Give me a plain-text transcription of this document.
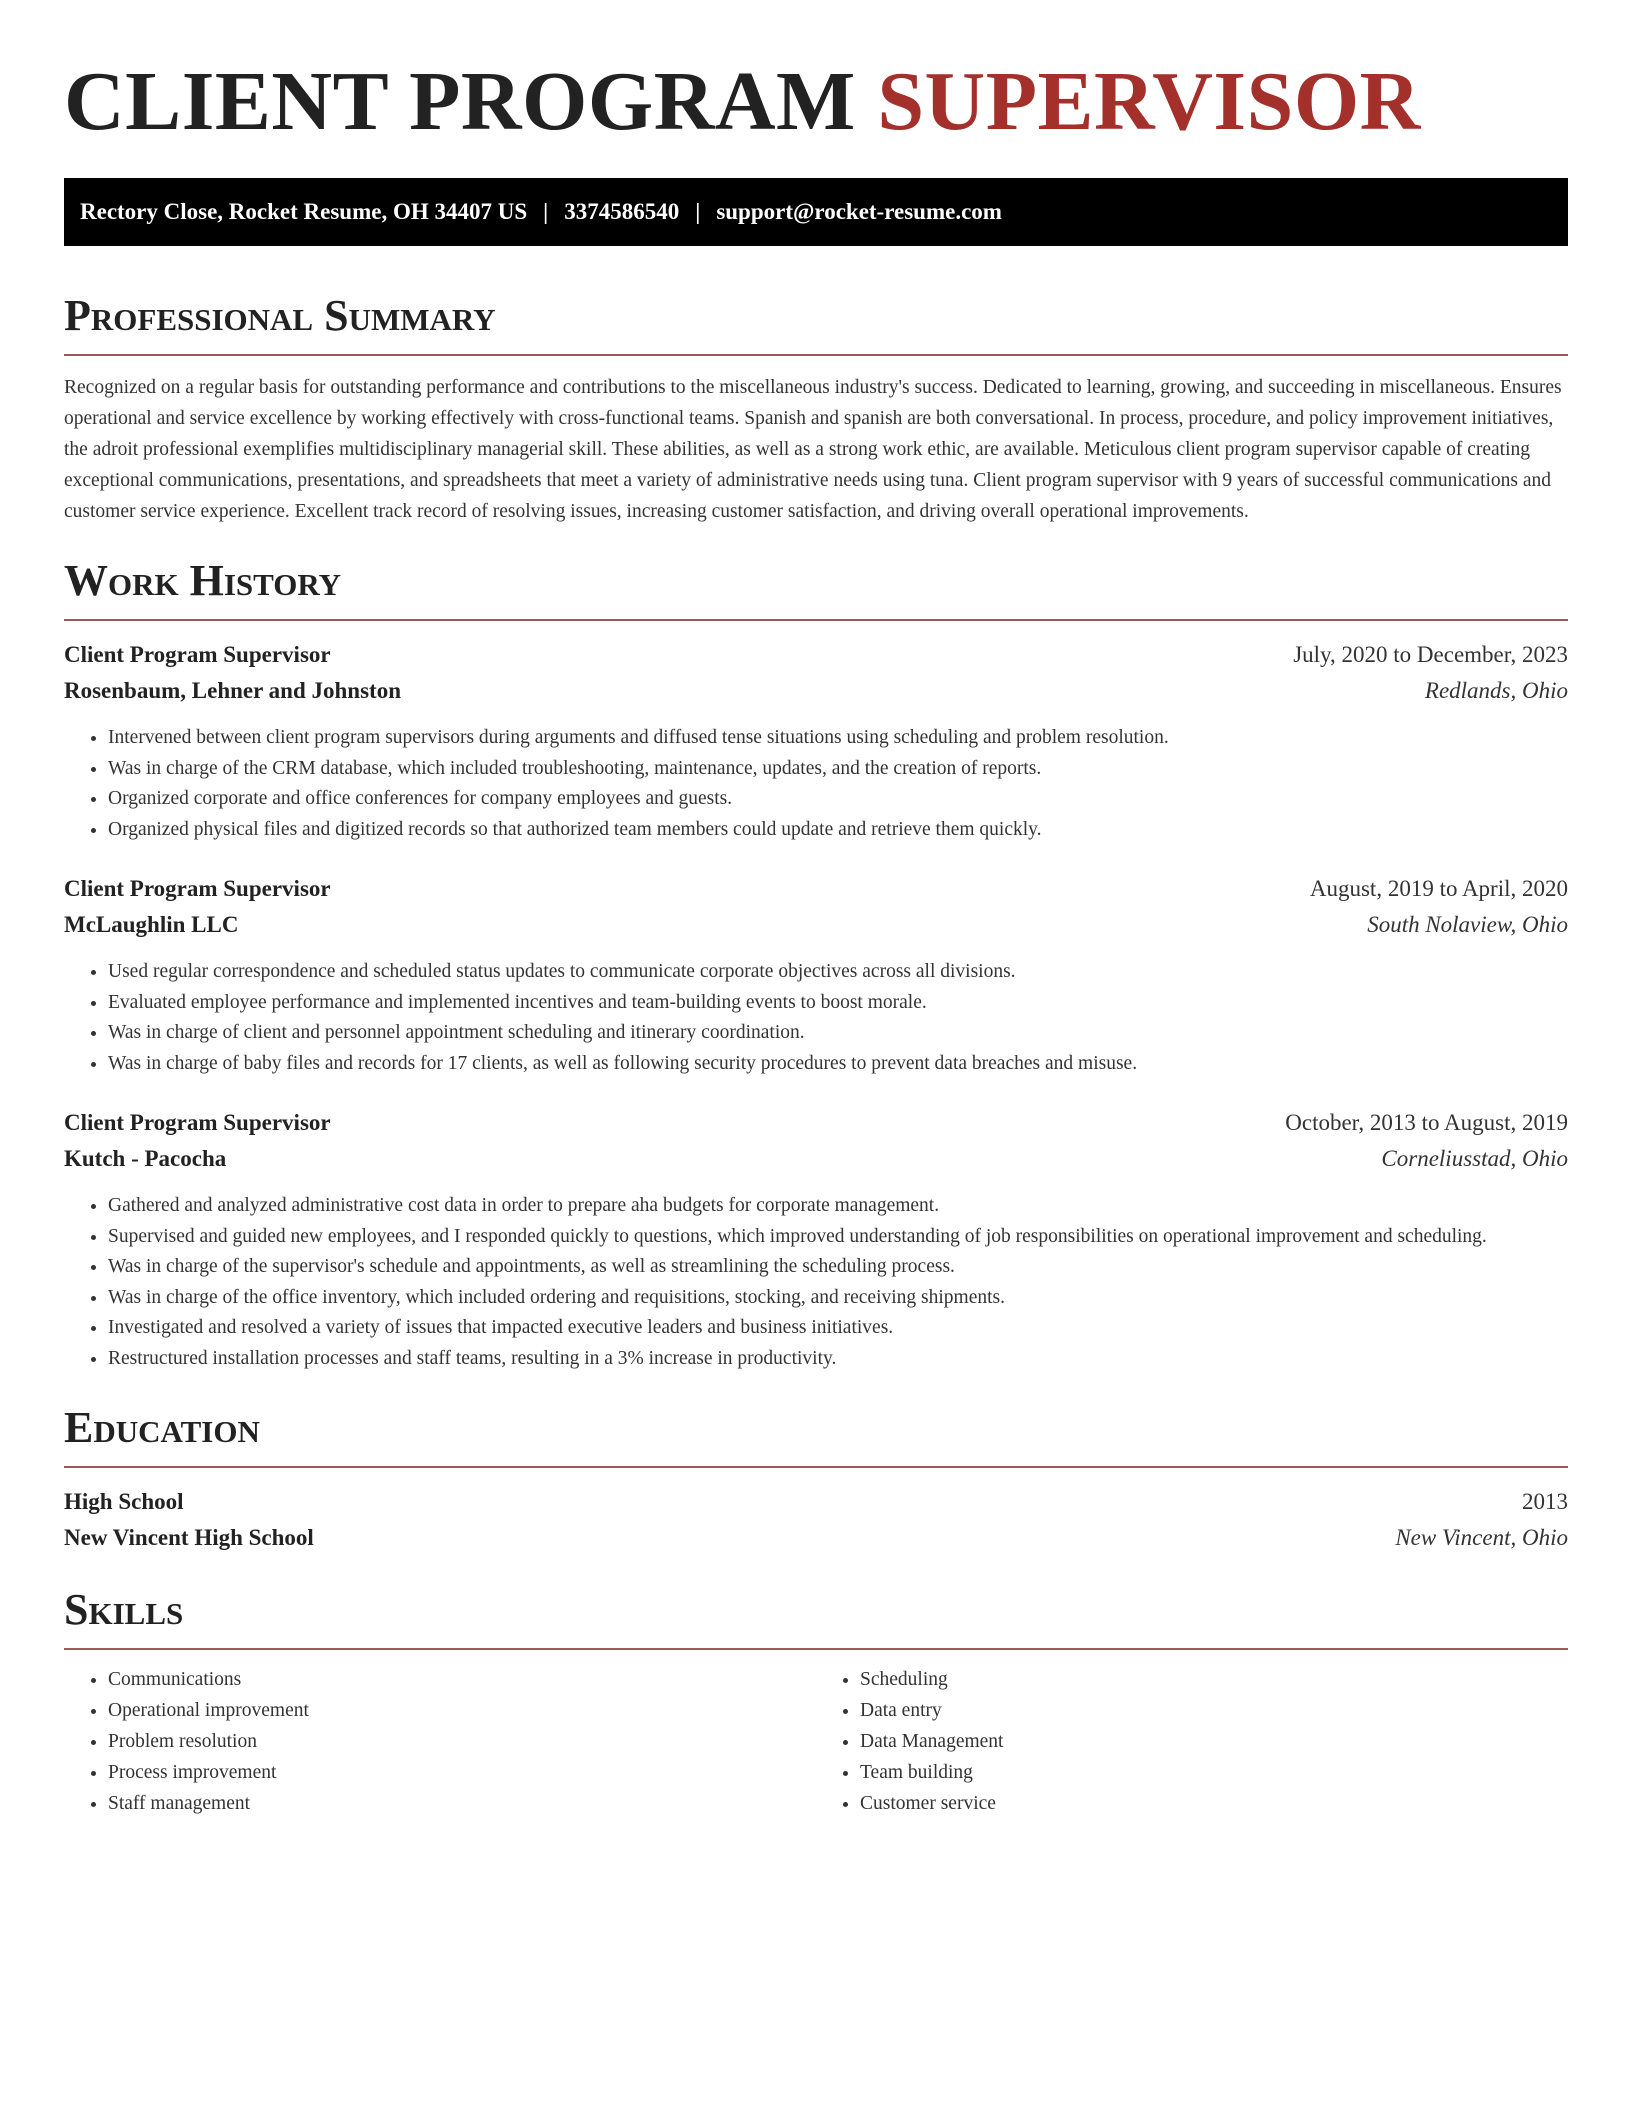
CLIENT PROGRAM SUPERVISOR
Rectory Close, Rocket Resume, OH 34407 US | 3374586540 | support@rocket-resume.com
Professional Summary

Recognized on a regular basis for outstanding performance and contributions to the miscellaneous industry's success. Dedicated to learning, growing, and succeeding in miscellaneous. Ensures operational and service excellence by working effectively with cross-functional teams. Spanish and spanish are both conversational. In process, procedure, and policy improvement initiatives, the adroit professional exemplifies multidisciplinary managerial skill. These abilities, as well as a strong work ethic, are available. Meticulous client program supervisor capable of creating exceptional communications, presentations, and spreadsheets that meet a variety of administrative needs using tuna. Client program supervisor with 9 years of successful communications and customer service experience. Excellent track record of resolving issues, increasing customer satisfaction, and driving overall operational improvements.

Work History
Client Program Supervisor	July, 2020 to December, 2023
Rosenbaum, Lehner and Johnston	Redlands, Ohio
• Intervened between client program supervisors during arguments and diffused tense situations using scheduling and problem resolution.
• Was in charge of the CRM database, which included troubleshooting, maintenance, updates, and the creation of reports.
• Organized corporate and office conferences for company employees and guests.
• Organized physical files and digitized records so that authorized team members could update and retrieve them quickly.
Client Program Supervisor	August, 2019 to April, 2020
McLaughlin LLC	South Nolaview, Ohio
• Used regular correspondence and scheduled status updates to communicate corporate objectives across all divisions.
• Evaluated employee performance and implemented incentives and team-building events to boost morale.
• Was in charge of client and personnel appointment scheduling and itinerary coordination.
• Was in charge of baby files and records for 17 clients, as well as following security procedures to prevent data breaches and misuse.
Client Program Supervisor	October, 2013 to August, 2019
Kutch - Pacocha	Corneliusstad, Ohio
• Gathered and analyzed administrative cost data in order to prepare aha budgets for corporate management.
• Supervised and guided new employees, and I responded quickly to questions, which improved understanding of job responsibilities on operational improvement and scheduling.
• Was in charge of the supervisor's schedule and appointments, as well as streamlining the scheduling process.
• Was in charge of the office inventory, which included ordering and requisitions, stocking, and receiving shipments.
• Investigated and resolved a variety of issues that impacted executive leaders and business initiatives.
• Restructured installation processes and staff teams, resulting in a 3% increase in productivity.
Education
High School	2013
New Vincent High School	New Vincent, Ohio
Skills
• Communications
• Operational improvement
• Problem resolution
• Process improvement
• Staff management
• Scheduling
• Data entry
• Data Management
• Team building
• Customer service
